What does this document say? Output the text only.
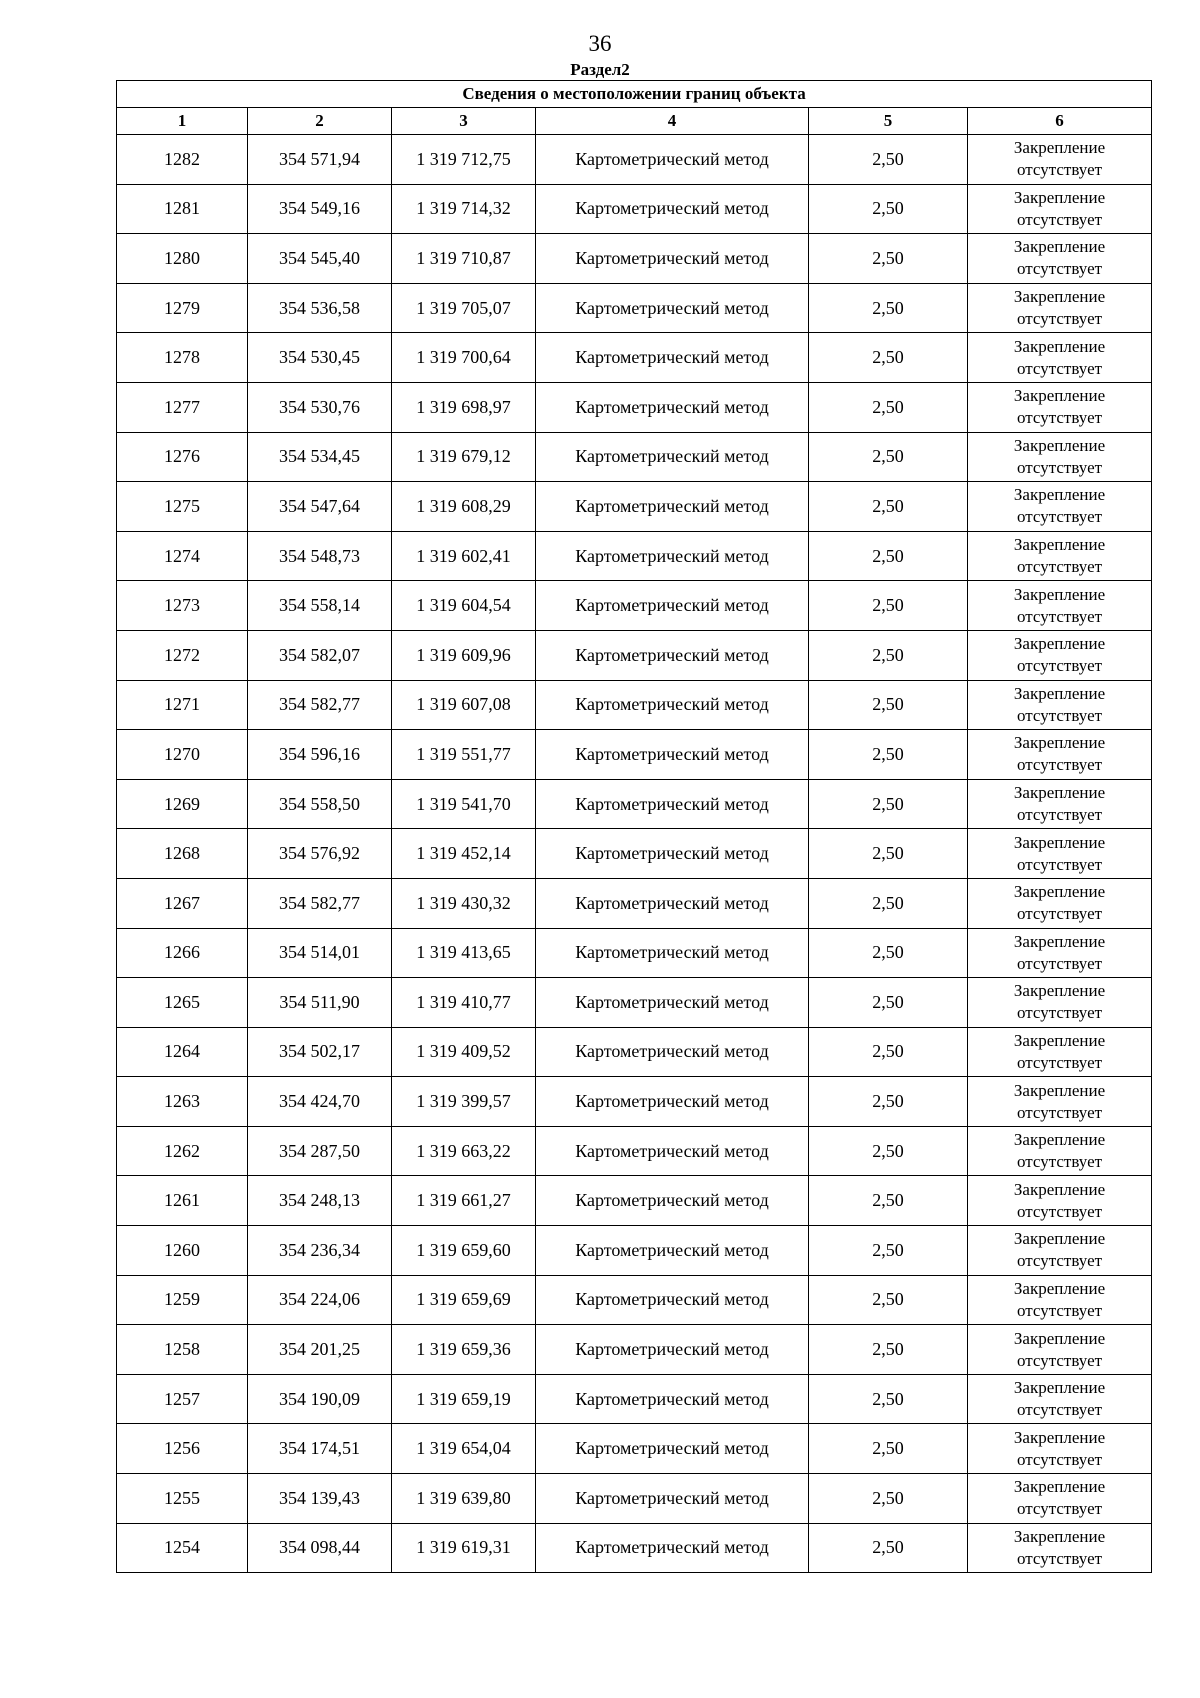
36
Раздел2
Сведения о местоположении границ объекта					
1	2	3	4	5	6
1282	354 571,94	1 319 712,75	Картометрический метод	2,50	Закрепление
отсутствует

1281	354 549,16	1 319 714,32	Картометрический метод	2,50	Закрепление
отсутствует

1280	354 545,40	1 319 710,87	Картометрический метод	2,50	Закрепление
отсутствует

1279	354 536,58	1 319 705,07	Картометрический метод	2,50	Закрепление
отсутствует

1278	354 530,45	1 319 700,64	Картометрический метод	2,50	Закрепление
отсутствует

1277	354 530,76	1 319 698,97	Картометрический метод	2,50	Закрепление
отсутствует

1276	354 534,45	1 319 679,12	Картометрический метод	2,50	Закрепление
отсутствует

1275	354 547,64	1 319 608,29	Картометрический метод	2,50	Закрепление
отсутствует

1274	354 548,73	1 319 602,41	Картометрический метод	2,50	Закрепление
отсутствует

1273	354 558,14	1 319 604,54	Картометрический метод	2,50	Закрепление
отсутствует

1272	354 582,07	1 319 609,96	Картометрический метод	2,50	Закрепление
отсутствует

1271	354 582,77	1 319 607,08	Картометрический метод	2,50	Закрепление
отсутствует

1270	354 596,16	1 319 551,77	Картометрический метод	2,50	Закрепление
отсутствует

1269	354 558,50	1 319 541,70	Картометрический метод	2,50	Закрепление
отсутствует

1268	354 576,92	1 319 452,14	Картометрический метод	2,50	Закрепление
отсутствует

1267	354 582,77	1 319 430,32	Картометрический метод	2,50	Закрепление
отсутствует

1266	354 514,01	1 319 413,65	Картометрический метод	2,50	Закрепление
отсутствует

1265	354 511,90	1 319 410,77	Картометрический метод	2,50	Закрепление
отсутствует

1264	354 502,17	1 319 409,52	Картометрический метод	2,50	Закрепление
отсутствует

1263	354 424,70	1 319 399,57	Картометрический метод	2,50	Закрепление
отсутствует

1262	354 287,50	1 319 663,22	Картометрический метод	2,50	Закрепление
отсутствует

1261	354 248,13	1 319 661,27	Картометрический метод	2,50	Закрепление
отсутствует

1260	354 236,34	1 319 659,60	Картометрический метод	2,50	Закрепление
отсутствует

1259	354 224,06	1 319 659,69	Картометрический метод	2,50	Закрепление
отсутствует

1258	354 201,25	1 319 659,36	Картометрический метод	2,50	Закрепление
отсутствует

1257	354 190,09	1 319 659,19	Картометрический метод	2,50	Закрепление
отсутствует

1256	354 174,51	1 319 654,04	Картометрический метод	2,50	Закрепление
отсутствует

1255	354 139,43	1 319 639,80	Картометрический метод	2,50	Закрепление
отсутствует

1254	354 098,44	1 319 619,31	Картометрический метод	2,50	Закрепление
отсутствует
